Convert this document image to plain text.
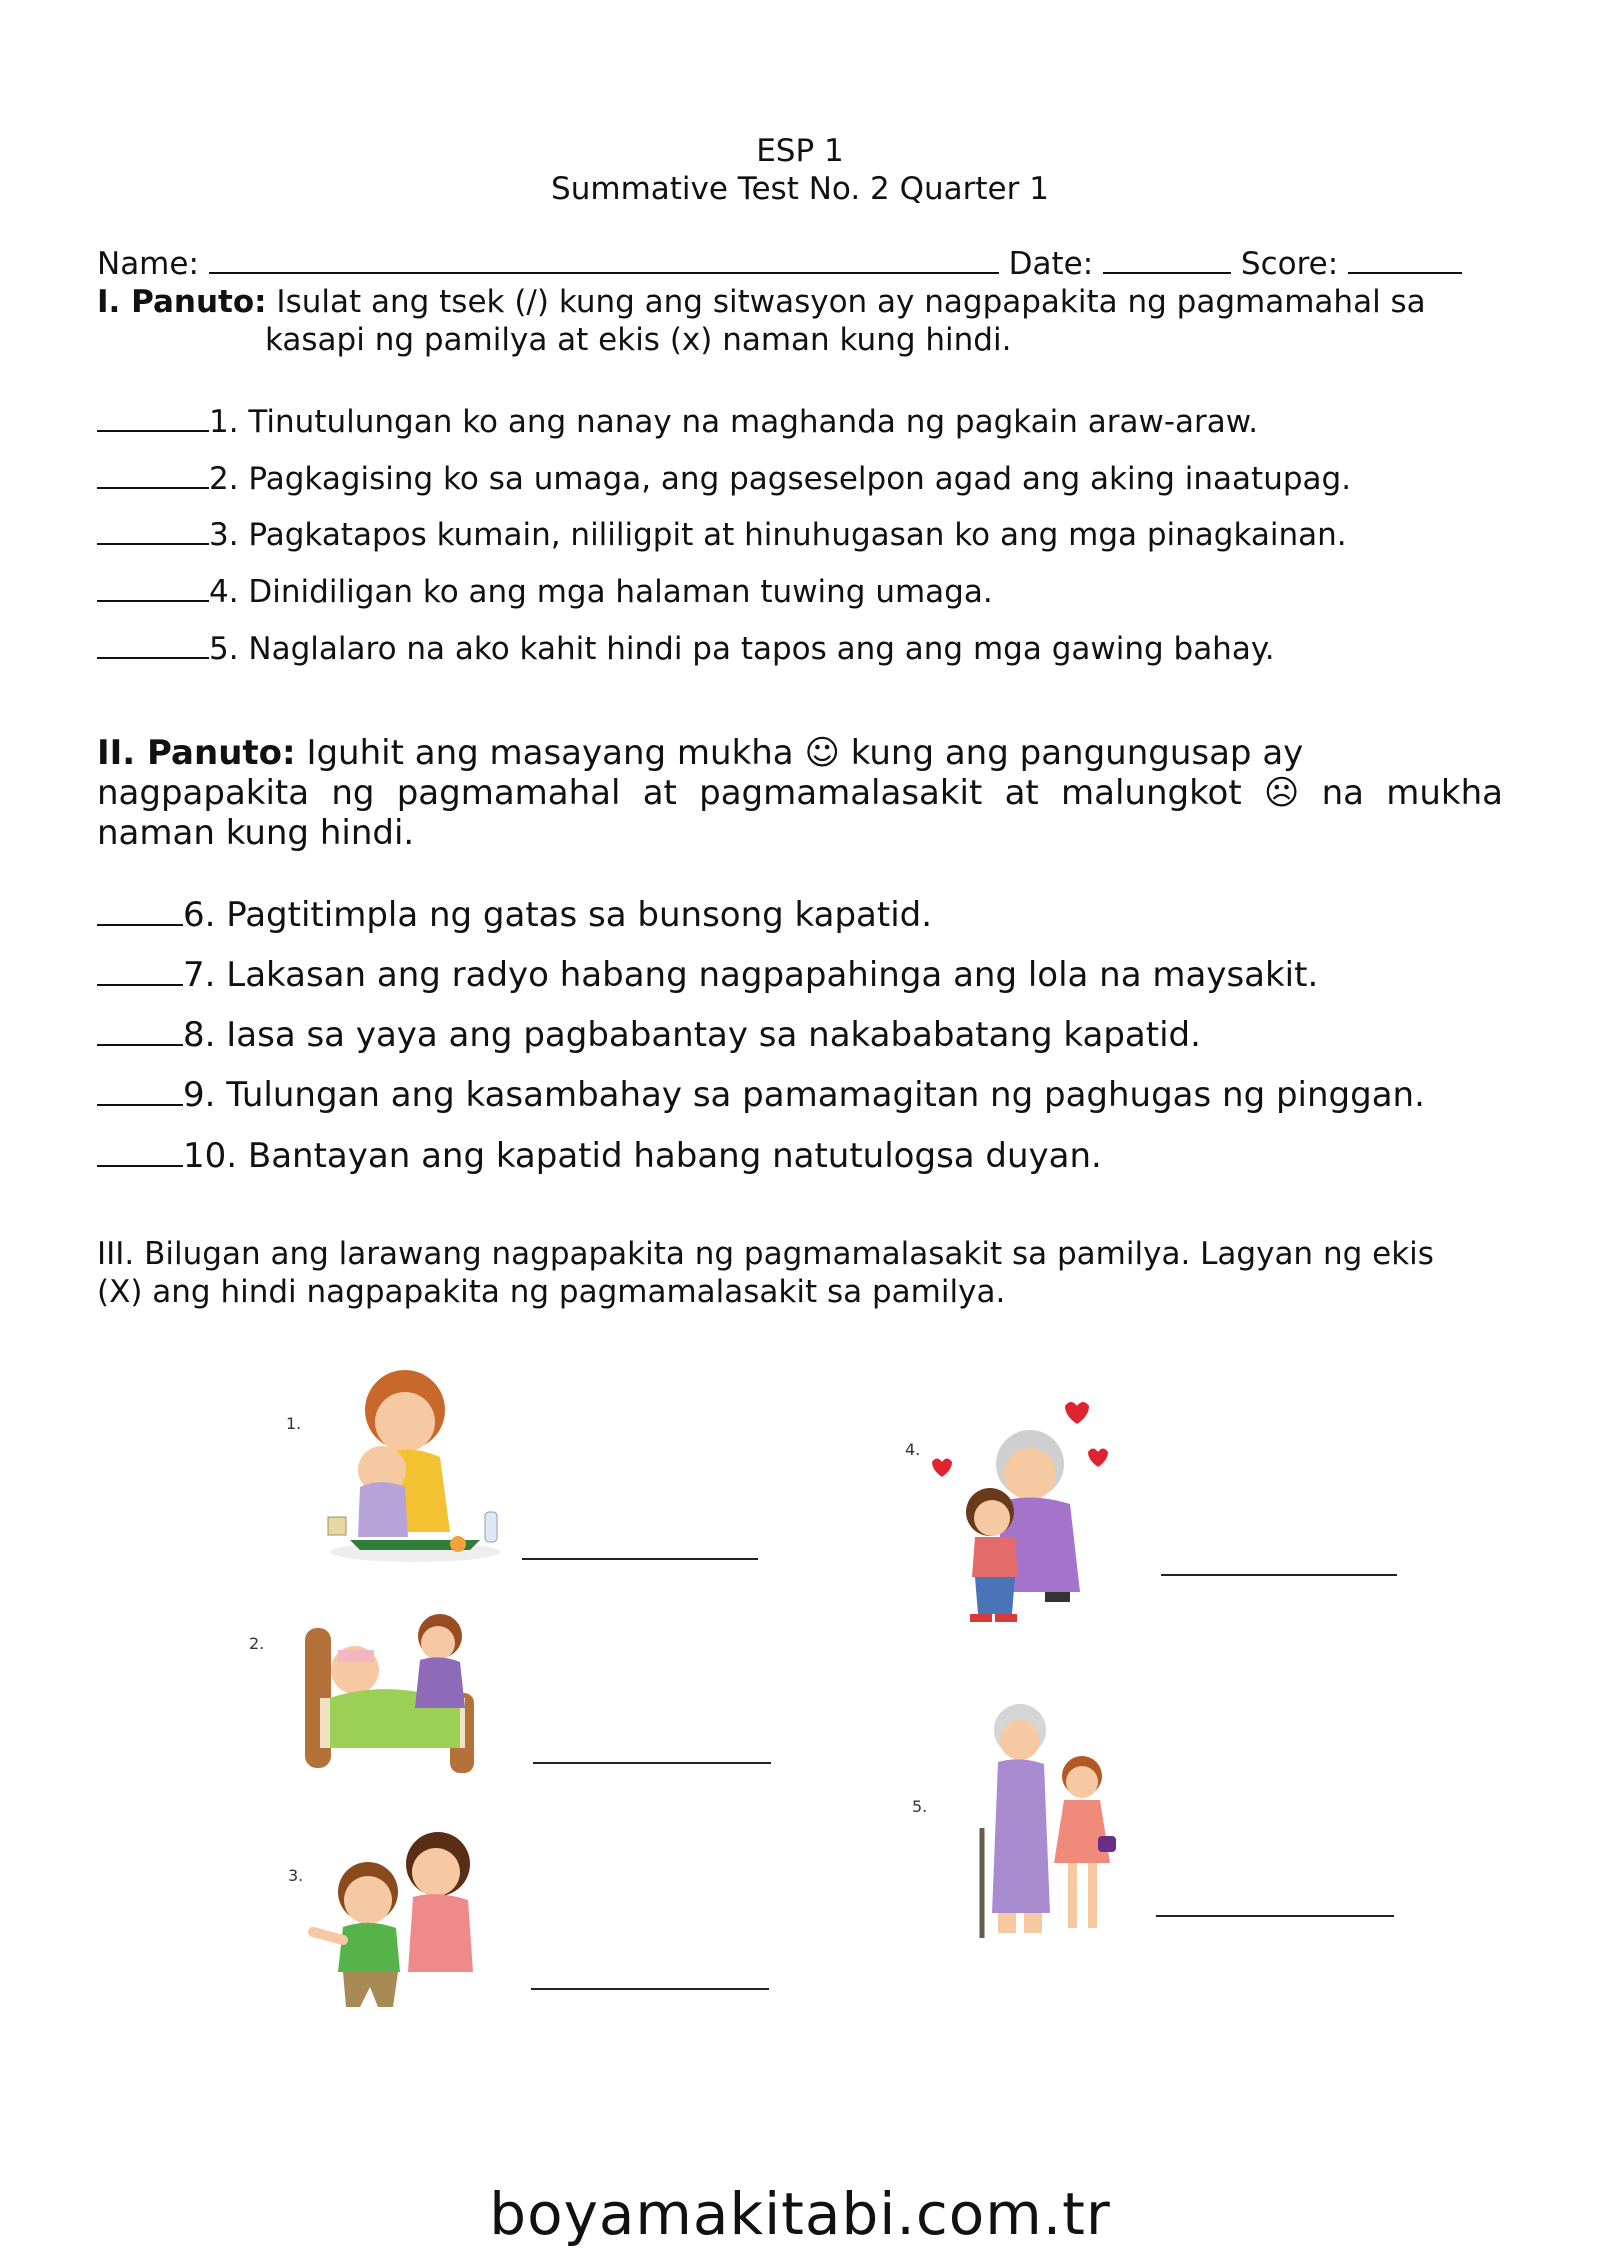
ESP 1
Summative Test No. 2 Quarter 1
Name:	Date:	Score:
I. Panuto: Isulat ang tsek (/) kung ang sitwasyon ay nagpapakita ng pagmamahal sa
kasapi ng pamilya at ekis (x) naman kung hindi.
1. Tinutulungan ko ang nanay na maghanda ng pagkain araw-araw.
2. Pagkagising ko sa umaga, ang pagseselpon agad ang aking inaatupag.
3. Pagkatapos kumain, nililigpit at hinuhugasan ko ang mga pinagkainan.
4. Dinidiligan ko ang mga halaman tuwing umaga.
5. Naglalaro na ako kahit hindi pa tapos ang ang mga gawing bahay.
II. Panuto: Iguhit ang masayang mukha ☺ kung ang pangungusap ay
nagpapakita ng pagmamahal at pagmamalasakit at malungkot ☹ na mukha
naman kung hindi.
6. Pagtitimpla ng gatas sa bunsong kapatid.
7. Lakasan ang radyo habang nagpapahinga ang lola na maysakit.
8. Iasa sa yaya ang pagbabantay sa nakababatang kapatid.
9. Tulungan ang kasambahay sa pamamagitan ng paghugas ng pinggan.
10. Bantayan ang kapatid habang natutulogsa duyan.
III. Bilugan ang larawang nagpapakita ng pagmamalasakit sa pamilya. Lagyan ng ekis
(X) ang hindi nagpapakita ng pagmamalasakit sa pamilya.
1.
2.
3.
4.
5.
boyamakitabi.com.tr
